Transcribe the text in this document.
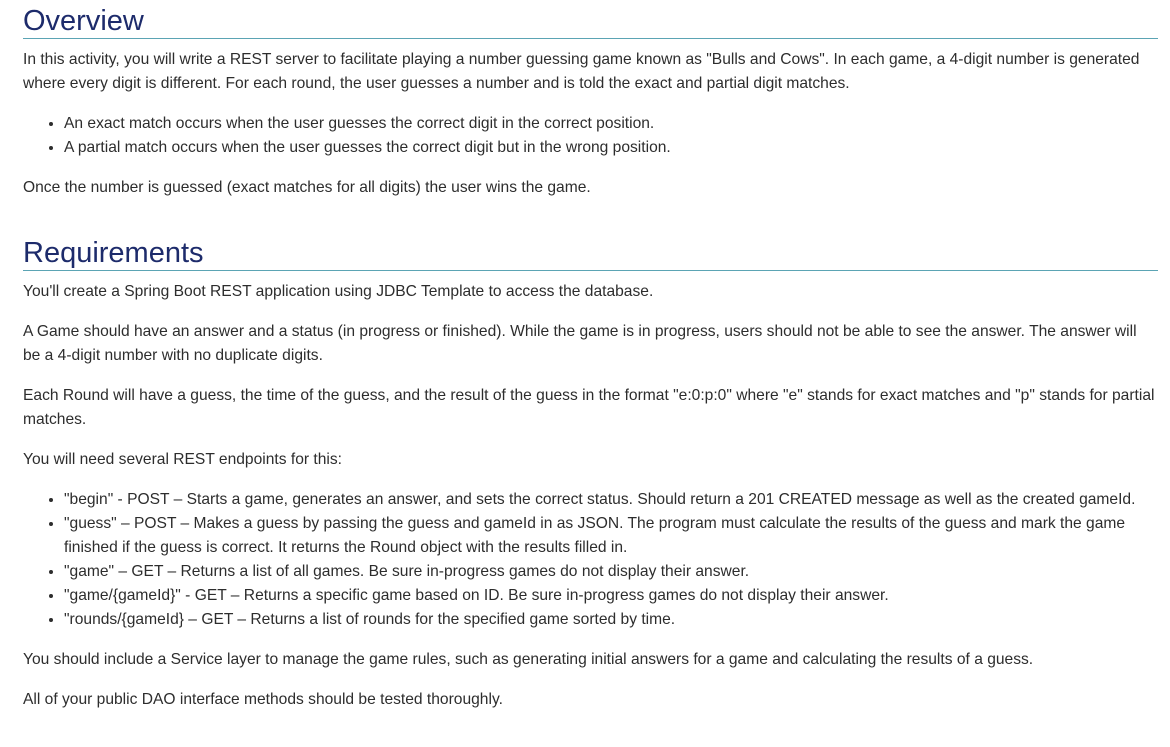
Overview

In this activity, you will write a REST server to facilitate playing a number guessing game known as "Bulls and Cows". In each game, a 4-digit number is generated where every digit is different. For each round, the user guesses a number and is told the exact and partial digit matches.

• An exact match occurs when the user guesses the correct digit in the correct position.
• A partial match occurs when the user guesses the correct digit but in the wrong position.

Once the number is guessed (exact matches for all digits) the user wins the game.

Requirements

You'll create a Spring Boot REST application using JDBC Template to access the database.

A Game should have an answer and a status (in progress or finished). While the game is in progress, users should not be able to see the answer. The answer will be a 4-digit number with no duplicate digits.

Each Round will have a guess, the time of the guess, and the result of the guess in the format "e:0:p:0" where "e" stands for exact matches and "p" stands for partial matches.

You will need several REST endpoints for this:

• "begin" - POST – Starts a game, generates an answer, and sets the correct status. Should return a 201 CREATED message as well as the created gameId.
• "guess" – POST – Makes a guess by passing the guess and gameId in as JSON. The program must calculate the results of the guess and mark the game finished if the guess is correct. It returns the Round object with the results filled in.
• "game" – GET – Returns a list of all games. Be sure in-progress games do not display their answer.
• "game/{gameId}" - GET – Returns a specific game based on ID. Be sure in-progress games do not display their answer.
• "rounds/{gameId} – GET – Returns a list of rounds for the specified game sorted by time.

You should include a Service layer to manage the game rules, such as generating initial answers for a game and calculating the results of a guess.

All of your public DAO interface methods should be tested thoroughly.
